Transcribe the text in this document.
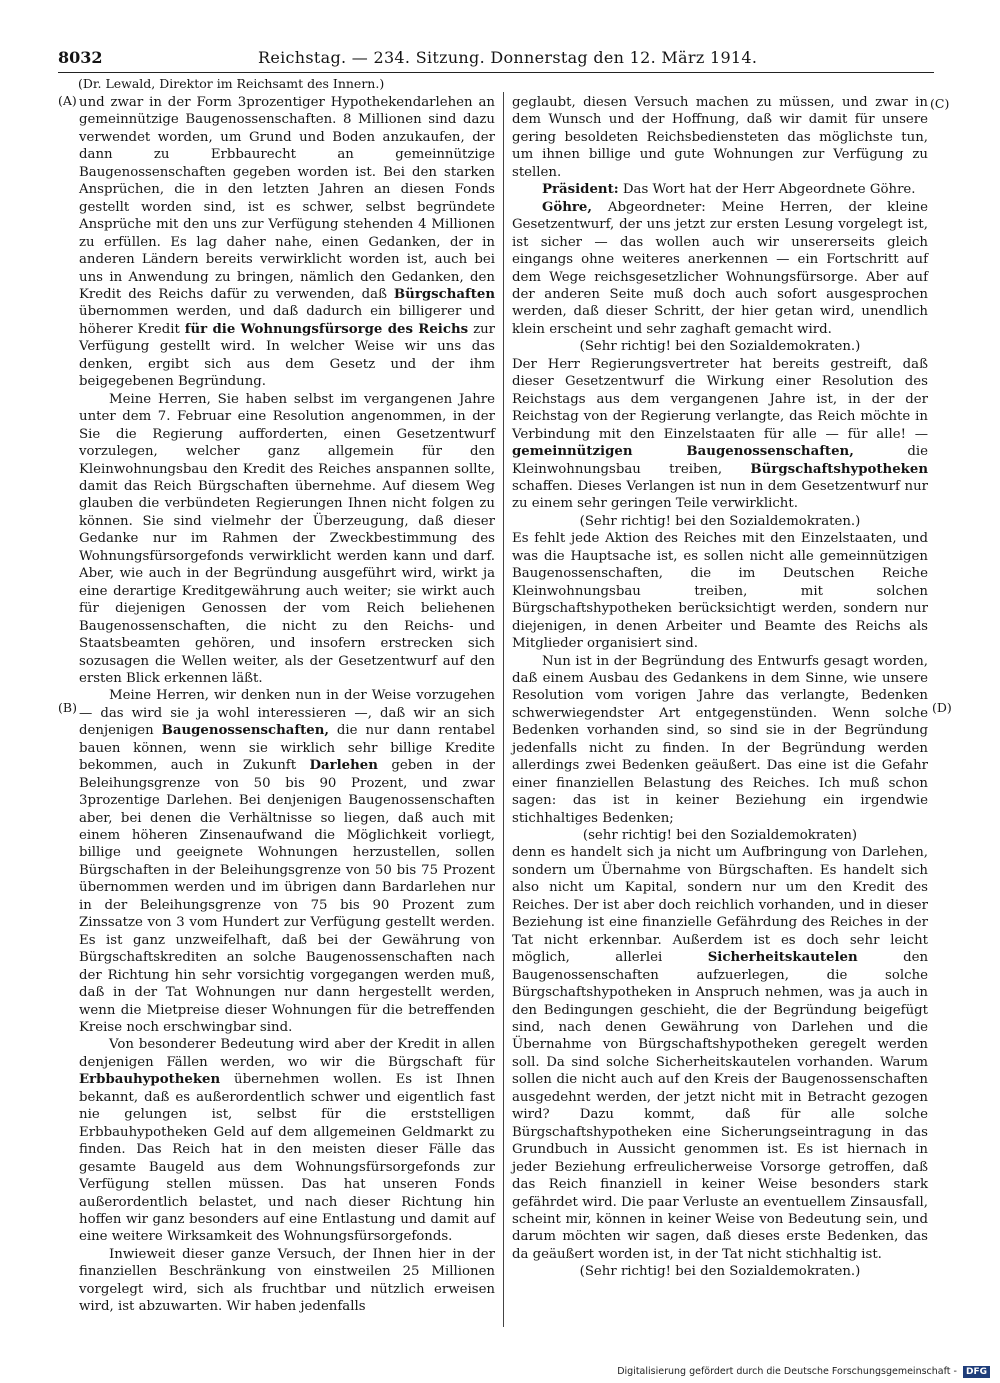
8032	Reichstag. — 234. Sitzung. Donnerstag den 12. März 1914.
(Dr. Lewald, Direktor im Reichsamt des Innern.)
(A)
(B)
(C)
(D)

und zwar in der Form 3prozentiger Hypothekendarlehen an gemeinnützige Baugenossenschaften. 8 Millionen sind dazu verwendet worden, um Grund und Boden anzukaufen, der dann zu Erbbaurecht an gemeinnützige Baugenossenschaften gegeben worden ist. Bei den starken Ansprüchen, die in den letzten Jahren an diesen Fonds gestellt worden sind, ist es schwer, selbst begründete Ansprüche mit den uns zur Verfügung stehenden 4 Millionen zu erfüllen. Es lag daher nahe, einen Gedanken, der in anderen Ländern bereits verwirklicht worden ist, auch bei uns in Anwendung zu bringen, nämlich den Gedanken, den Kredit des Reichs dafür zu verwenden, daß Bürgschaften übernommen werden, und daß dadurch ein billigerer und höherer Kredit für die Wohnungsfürsorge des Reichs zur Verfügung gestellt wird. In welcher Weise wir uns das denken, ergibt sich aus dem Gesetz und der ihm beigegebenen Begründung.

Meine Herren, Sie haben selbst im vergangenen Jahre unter dem 7. Februar eine Resolution angenommen, in der Sie die Regierung aufforderten, einen Gesetzentwurf vorzulegen, welcher ganz allgemein für den Kleinwohnungsbau den Kredit des Reiches anspannen sollte, damit das Reich Bürgschaften übernehme. Auf diesem Weg glauben die verbündeten Regierungen Ihnen nicht folgen zu können. Sie sind vielmehr der Überzeugung, daß dieser Gedanke nur im Rahmen der Zweckbestimmung des Wohnungsfürsorgefonds verwirklicht werden kann und darf. Aber, wie auch in der Begründung ausgeführt wird, wirkt ja eine derartige Kreditgewährung auch weiter; sie wirkt auch für diejenigen Genossen der vom Reich beliehenen Baugenossenschaften, die nicht zu den Reichs- und Staatsbeamten gehören, und insofern erstrecken sich sozusagen die Wellen weiter, als der Gesetzentwurf auf den ersten Blick erkennen läßt.

Meine Herren, wir denken nun in der Weise vorzugehen — das wird sie ja wohl interessieren —, daß wir an sich denjenigen Baugenossenschaften, die nur dann rentabel bauen können, wenn sie wirklich sehr billige Kredite bekommen, auch in Zukunft Darlehen geben in der Beleihungsgrenze von 50 bis 90 Prozent, und zwar 3prozentige Darlehen. Bei denjenigen Baugenossenschaften aber, bei denen die Verhältnisse so liegen, daß auch mit einem höheren Zinsenaufwand die Möglichkeit vorliegt, billige und geeignete Wohnungen herzustellen, sollen Bürgschaften in der Beleihungsgrenze von 50 bis 75 Prozent übernommen werden und im übrigen dann Bardarlehen nur in der Beleihungsgrenze von 75 bis 90 Prozent zum Zinssatze von 3 vom Hundert zur Verfügung gestellt werden. Es ist ganz unzweifelhaft, daß bei der Gewährung von Bürgschaftskrediten an solche Baugenossenschaften nach der Richtung hin sehr vorsichtig vorgegangen werden muß, daß in der Tat Wohnungen nur dann hergestellt werden, wenn die Mietpreise dieser Wohnungen für die betreffenden Kreise noch erschwingbar sind.

Von besonderer Bedeutung wird aber der Kredit in allen denjenigen Fällen werden, wo wir die Bürgschaft für Erbbauhypotheken übernehmen wollen. Es ist Ihnen bekannt, daß es außerordentlich schwer und eigentlich fast nie gelungen ist, selbst für die erststelligen Erbbauhypotheken Geld auf dem allgemeinen Geldmarkt zu finden. Das Reich hat in den meisten dieser Fälle das gesamte Baugeld aus dem Wohnungsfürsorgefonds zur Verfügung stellen müssen. Das hat unseren Fonds außerordentlich belastet, und nach dieser Richtung hin hoffen wir ganz besonders auf eine Entlastung und damit auf eine weitere Wirksamkeit des Wohnungsfürsorgefonds.

Inwieweit dieser ganze Versuch, der Ihnen hier in der finanziellen Beschränkung von einstweilen 25 Millionen vorgelegt wird, sich als fruchtbar und nützlich erweisen wird, ist abzuwarten. Wir haben jedenfalls

geglaubt, diesen Versuch machen zu müssen, und zwar in dem Wunsch und der Hoffnung, daß wir damit für unsere gering besoldeten Reichsbediensteten das möglichste tun, um ihnen billige und gute Wohnungen zur Verfügung zu stellen.

Präsident: Das Wort hat der Herr Abgeordnete Göhre.

Göhre, Abgeordneter: Meine Herren, der kleine Gesetzentwurf, der uns jetzt zur ersten Lesung vorgelegt ist, ist sicher — das wollen auch wir unsererseits gleich eingangs ohne weiteres anerkennen — ein Fortschritt auf dem Wege reichsgesetzlicher Wohnungsfürsorge. Aber auf der anderen Seite muß doch auch sofort ausgesprochen werden, daß dieser Schritt, der hier getan wird, unendlich klein erscheint und sehr zaghaft gemacht wird.

(Sehr richtig! bei den Sozialdemokraten.)

Der Herr Regierungsvertreter hat bereits gestreift, daß dieser Gesetzentwurf die Wirkung einer Resolution des Reichstags aus dem vergangenen Jahre ist, in der der Reichstag von der Regierung verlangte, das Reich möchte in Verbindung mit den Einzelstaaten für alle — für alle! — gemeinnützigen Baugenossenschaften, die Kleinwohnungsbau treiben, Bürgschaftshypotheken schaffen. Dieses Verlangen ist nun in dem Gesetzentwurf nur zu einem sehr geringen Teile verwirklicht.

(Sehr richtig! bei den Sozialdemokraten.)

Es fehlt jede Aktion des Reiches mit den Einzelstaaten, und was die Hauptsache ist, es sollen nicht alle gemeinnützigen Baugenossenschaften, die im Deutschen Reiche Kleinwohnungsbau treiben, mit solchen Bürgschaftshypotheken berücksichtigt werden, sondern nur diejenigen, in denen Arbeiter und Beamte des Reichs als Mitglieder organisiert sind.

Nun ist in der Begründung des Entwurfs gesagt worden, daß einem Ausbau des Gedankens in dem Sinne, wie unsere Resolution vom vorigen Jahre das verlangte, Bedenken schwerwiegendster Art entgegenstünden. Wenn solche Bedenken vorhanden sind, so sind sie in der Begründung jedenfalls nicht zu finden. In der Begründung werden allerdings zwei Bedenken geäußert. Das eine ist die Gefahr einer finanziellen Belastung des Reiches. Ich muß schon sagen: das ist in keiner Beziehung ein irgendwie stichhaltiges Bedenken;

(sehr richtig! bei den Sozialdemokraten)

denn es handelt sich ja nicht um Aufbringung von Darlehen, sondern um Übernahme von Bürgschaften. Es handelt sich also nicht um Kapital, sondern nur um den Kredit des Reiches. Der ist aber doch reichlich vorhanden, und in dieser Beziehung ist eine finanzielle Gefährdung des Reiches in der Tat nicht erkennbar. Außerdem ist es doch sehr leicht möglich, allerlei Sicherheitskautelen den Baugenossenschaften aufzuerlegen, die solche Bürgschaftshypotheken in Anspruch nehmen, was ja auch in den Bedingungen geschieht, die der Begründung beigefügt sind, nach denen Gewährung von Darlehen und die Übernahme von Bürgschaftshypotheken geregelt werden soll. Da sind solche Sicherheitskautelen vorhanden. Warum sollen die nicht auch auf den Kreis der Baugenossenschaften ausgedehnt werden, der jetzt nicht mit in Betracht gezogen wird? Dazu kommt, daß für alle solche Bürgschaftshypotheken eine Sicherungseintragung in das Grundbuch in Aussicht genommen ist. Es ist hiernach in jeder Beziehung erfreulicherweise Vorsorge getroffen, daß das Reich finanziell in keiner Weise besonders stark gefährdet wird. Die paar Verluste an eventuellem Zinsausfall, scheint mir, können in keiner Weise von Bedeutung sein, und darum möchten wir sagen, daß dieses erste Bedenken, das da geäußert worden ist, in der Tat nicht stichhaltig ist.

(Sehr richtig! bei den Sozialdemokraten.)

Digitalisierung gefördert durch die Deutsche Forschungsgemeinschaft - DFG
